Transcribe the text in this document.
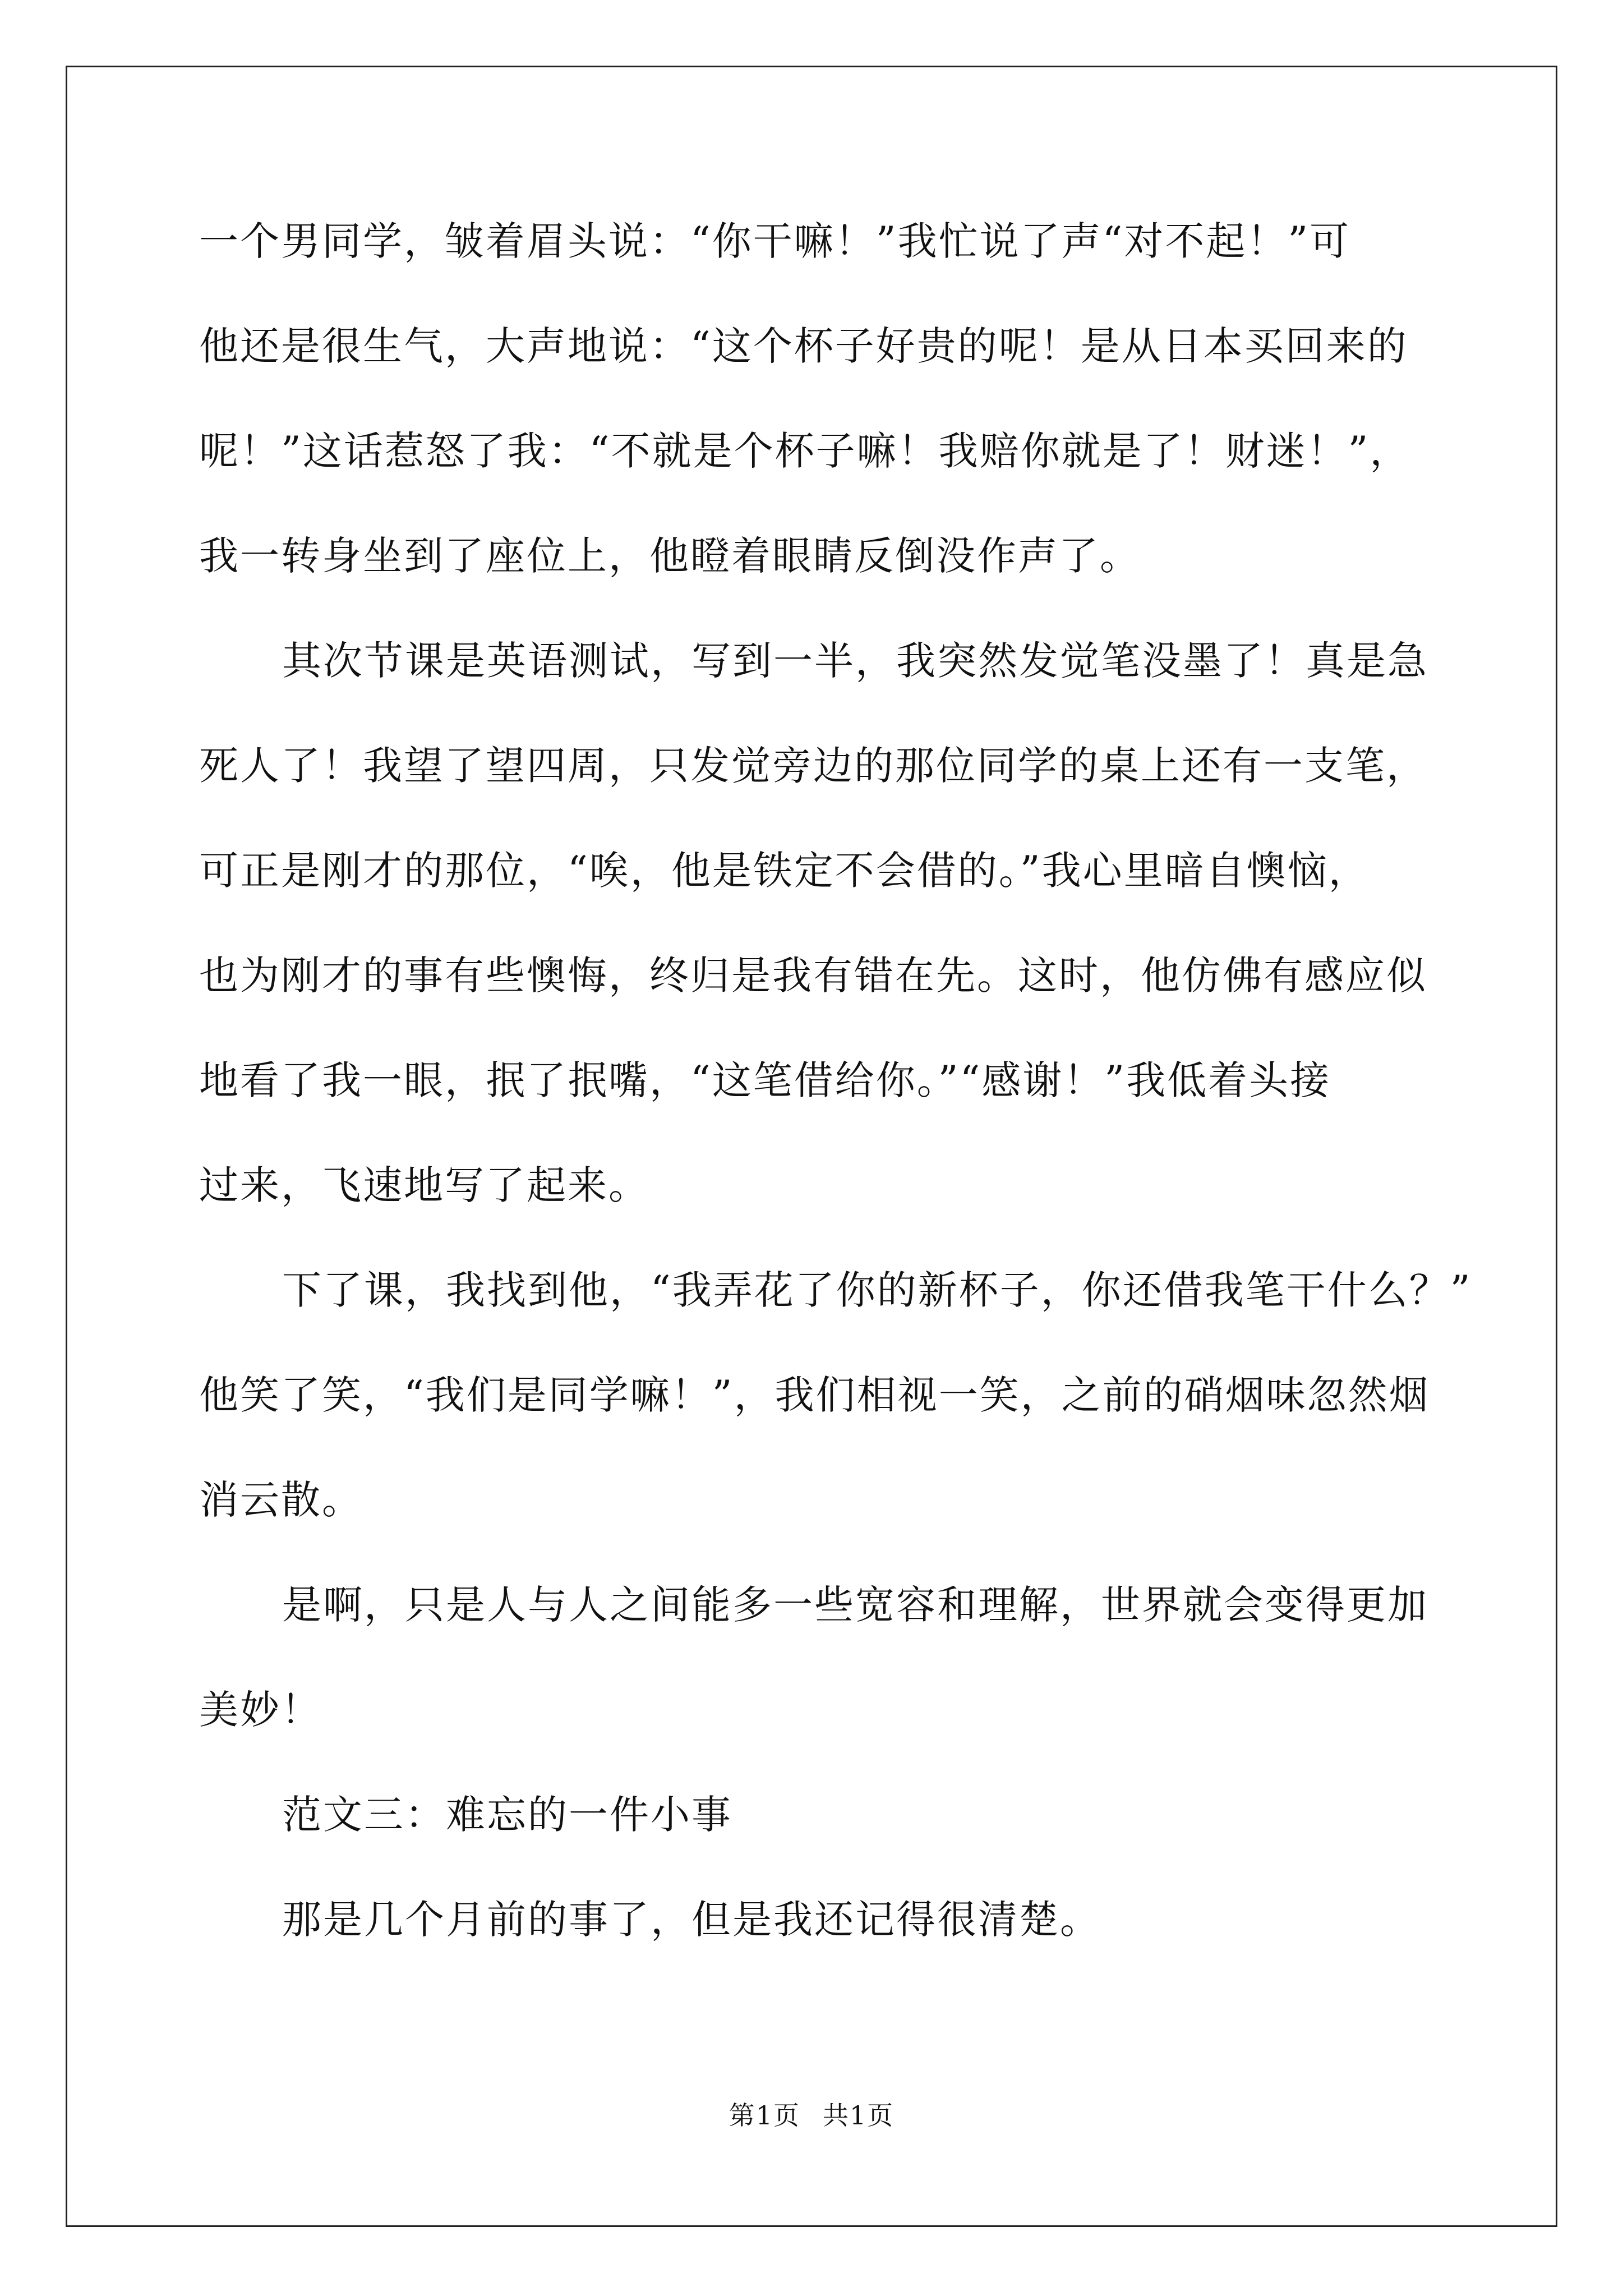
一个男同学，皱着眉头说：“你干嘛！”我忙说了声“对不起！”可
他还是很生气，大声地说：“这个杯子好贵的呢！是从日本买回来的
呢！”这话惹怒了我：“不就是个杯子嘛！我赔你就是了！财迷！”，
我一转身坐到了座位上，他瞪着眼睛反倒没作声了。
其次节课是英语测试，写到一半，我突然发觉笔没墨了！真是急
死人了！我望了望四周，只发觉旁边的那位同学的桌上还有一支笔，
可正是刚才的那位，“唉，他是铁定不会借的。”我心里暗自懊恼，
也为刚才的事有些懊悔，终归是我有错在先。这时，他仿佛有感应似
地看了我一眼，抿了抿嘴，“这笔借给你。”“感谢！”我低着头接
过来，飞速地写了起来。
下了课，我找到他，“我弄花了你的新杯子，你还借我笔干什么？”
他笑了笑，“我们是同学嘛！”，我们相视一笑，之前的硝烟味忽然烟
消云散。
是啊，只是人与人之间能多一些宽容和理解，世界就会变得更加
美妙！
范文三：难忘的一件小事
那是几个月前的事了，但是我还记得很清楚。
第1页 共1页
